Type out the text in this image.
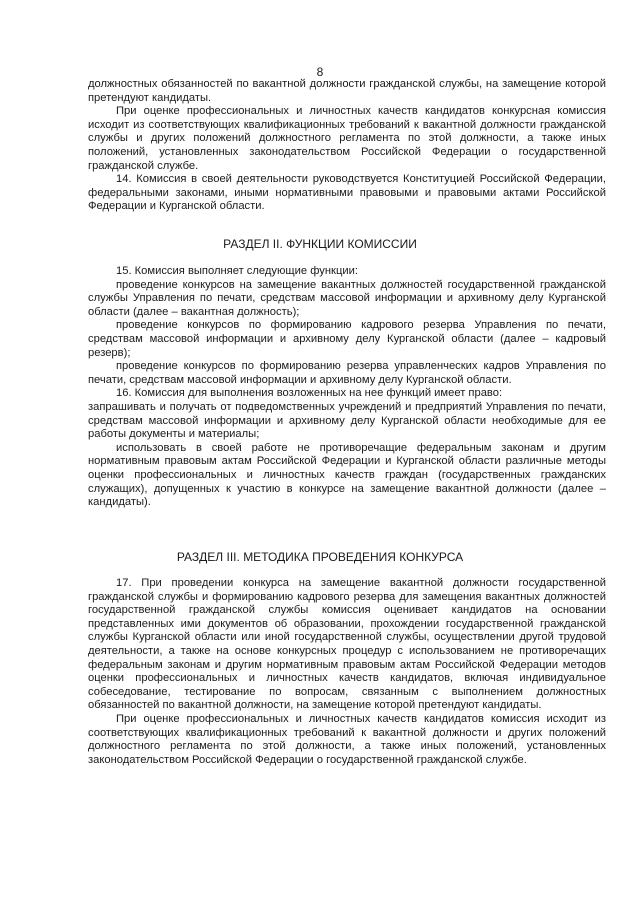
8

должностных обязанностей по вакантной должности гражданской службы, на замещение которой претендуют кандидаты.

При оценке профессиональных и личностных качеств кандидатов конкурсная комиссия исходит из соответствующих квалификационных требований к вакантной должности гражданской службы и других положений должностного регламента по этой должности, а также иных положений, установленных законодательством Российской Федерации о государственной гражданской службе.

14. Комиссия в своей деятельности руководствуется Конституцией Российской Федерации, федеральными законами, иными нормативными правовыми и правовыми актами Российской Федерации и Курганской области.

РАЗДЕЛ II. ФУНКЦИИ КОМИССИИ

15. Комиссия выполняет следующие функции:

проведение конкурсов на замещение вакантных должностей государственной гражданской службы Управления по печати, средствам массовой информации и архивному делу Курганской области (далее – вакантная должность);

проведение конкурсов по формированию кадрового резерва Управления по печати, средствам массовой информации и архивному делу Курганской области (далее – кадровый резерв);

проведение конкурсов по формированию резерва управленческих кадров Управления по печати, средствам массовой информации и архивному делу Курганской области.

16. Комиссия для выполнения возложенных на нее функций имеет право:

запрашивать и получать от подведомственных учреждений и предприятий Управления по печати, средствам массовой информации и архивному делу Курганской области необходимые для ее работы документы и материалы;

использовать в своей работе не противоречащие федеральным законам и другим нормативным правовым актам Российской Федерации и Курганской области различные методы оценки профессиональных и личностных качеств граждан (государственных гражданских служащих), допущенных к участию в конкурсе на замещение вакантной должности (далее – кандидаты).

РАЗДЕЛ III. МЕТОДИКА ПРОВЕДЕНИЯ КОНКУРСА

17. При проведении конкурса на замещение вакантной должности государственной гражданской службы и формированию кадрового резерва для замещения вакантных должностей государственной гражданской службы комиссия оценивает кандидатов на основании представленных ими документов об образовании, прохождении государственной гражданской службы Курганской области или иной государственной службы, осуществлении другой трудовой деятельности, а также на основе конкурсных процедур с использованием не противоречащих федеральным законам и другим нормативным правовым актам Российской Федерации методов оценки профессиональных и личностных качеств кандидатов, включая индивидуальное собеседование, тестирование по вопросам, связанным с выполнением должностных обязанностей по вакантной должности, на замещение которой претендуют кандидаты.

При оценке профессиональных и личностных качеств кандидатов комиссия исходит из соответствующих квалификационных требований к вакантной должности и других положений должностного регламента по этой должности, а также иных положений, установленных законодательством Российской Федерации о государственной гражданской службе.
